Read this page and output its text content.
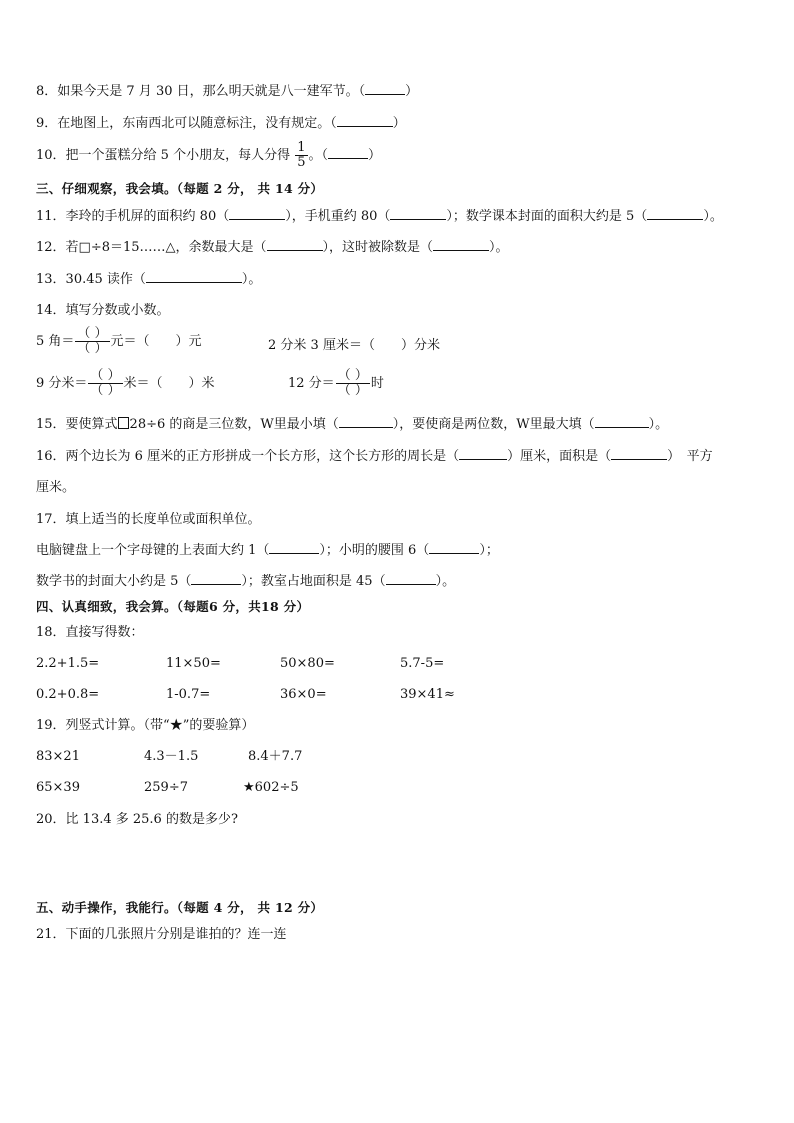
8．如果今天是 7 月 30 日，那么明天就是八一建军节。（	）
9．在地图上，东南西北可以随意标注，没有规定。（	）
10．把一个蛋糕分给 5 个小朋友，每人分得 $\frac{1}{5}$ 。（	）
三、仔细观察，我会填。（每题 2 分， 共 14 分）
11．李玲的手机屏的面积约 80（	），手机重约 80（	）；数学课本封面的面积大约是 5（	）。
12．若□÷8＝15……△，余数最大是（	），这时被除数是（	）。
13．30.45 读作（	）。
14．填写分数或小数。
5 角＝ $\frac{( )}{( )}$ 元＝（　　）元	2 分米 3 厘米＝（　　）分米
9 分米＝ $\frac{( )}{( )}$ 米＝（　　）米	12 分＝ $\frac{( )}{( )}$ 时
15．要使算式 28÷6 的商是三位数，W里最小填（	），要使商是两位数，W里最大填（	）。
16．两个边长为 6 厘米的正方形拼成一个长方形，这个长方形的周长是（	）厘米，面积是（	）　平方
厘米。
17．填上适当的长度单位或面积单位。
电脑键盘上一个字母键的上表面大约 1（	）；小明的腰围 6（	）；
数学书的封面大小约是 5（	）；教室占地面积是 45（	）。
四、认真细致，我会算。（每题6 分，共18 分）
18．直接写得数：
2.2+1.5=	11×50=	50×80=	5.7-5=
0.2+0.8=	1-0.7=	36×0=	39×41≈
19．列竖式计算。（带“★”的要验算）
83×21	4.3－1.5	8.4＋7.7
65×39	259÷7	★602÷5
20．比 13.4 多 25.6 的数是多少?
五、动手操作，我能行。（每题 4 分， 共 12 分）
21．下面的几张照片分别是谁拍的？连一连
